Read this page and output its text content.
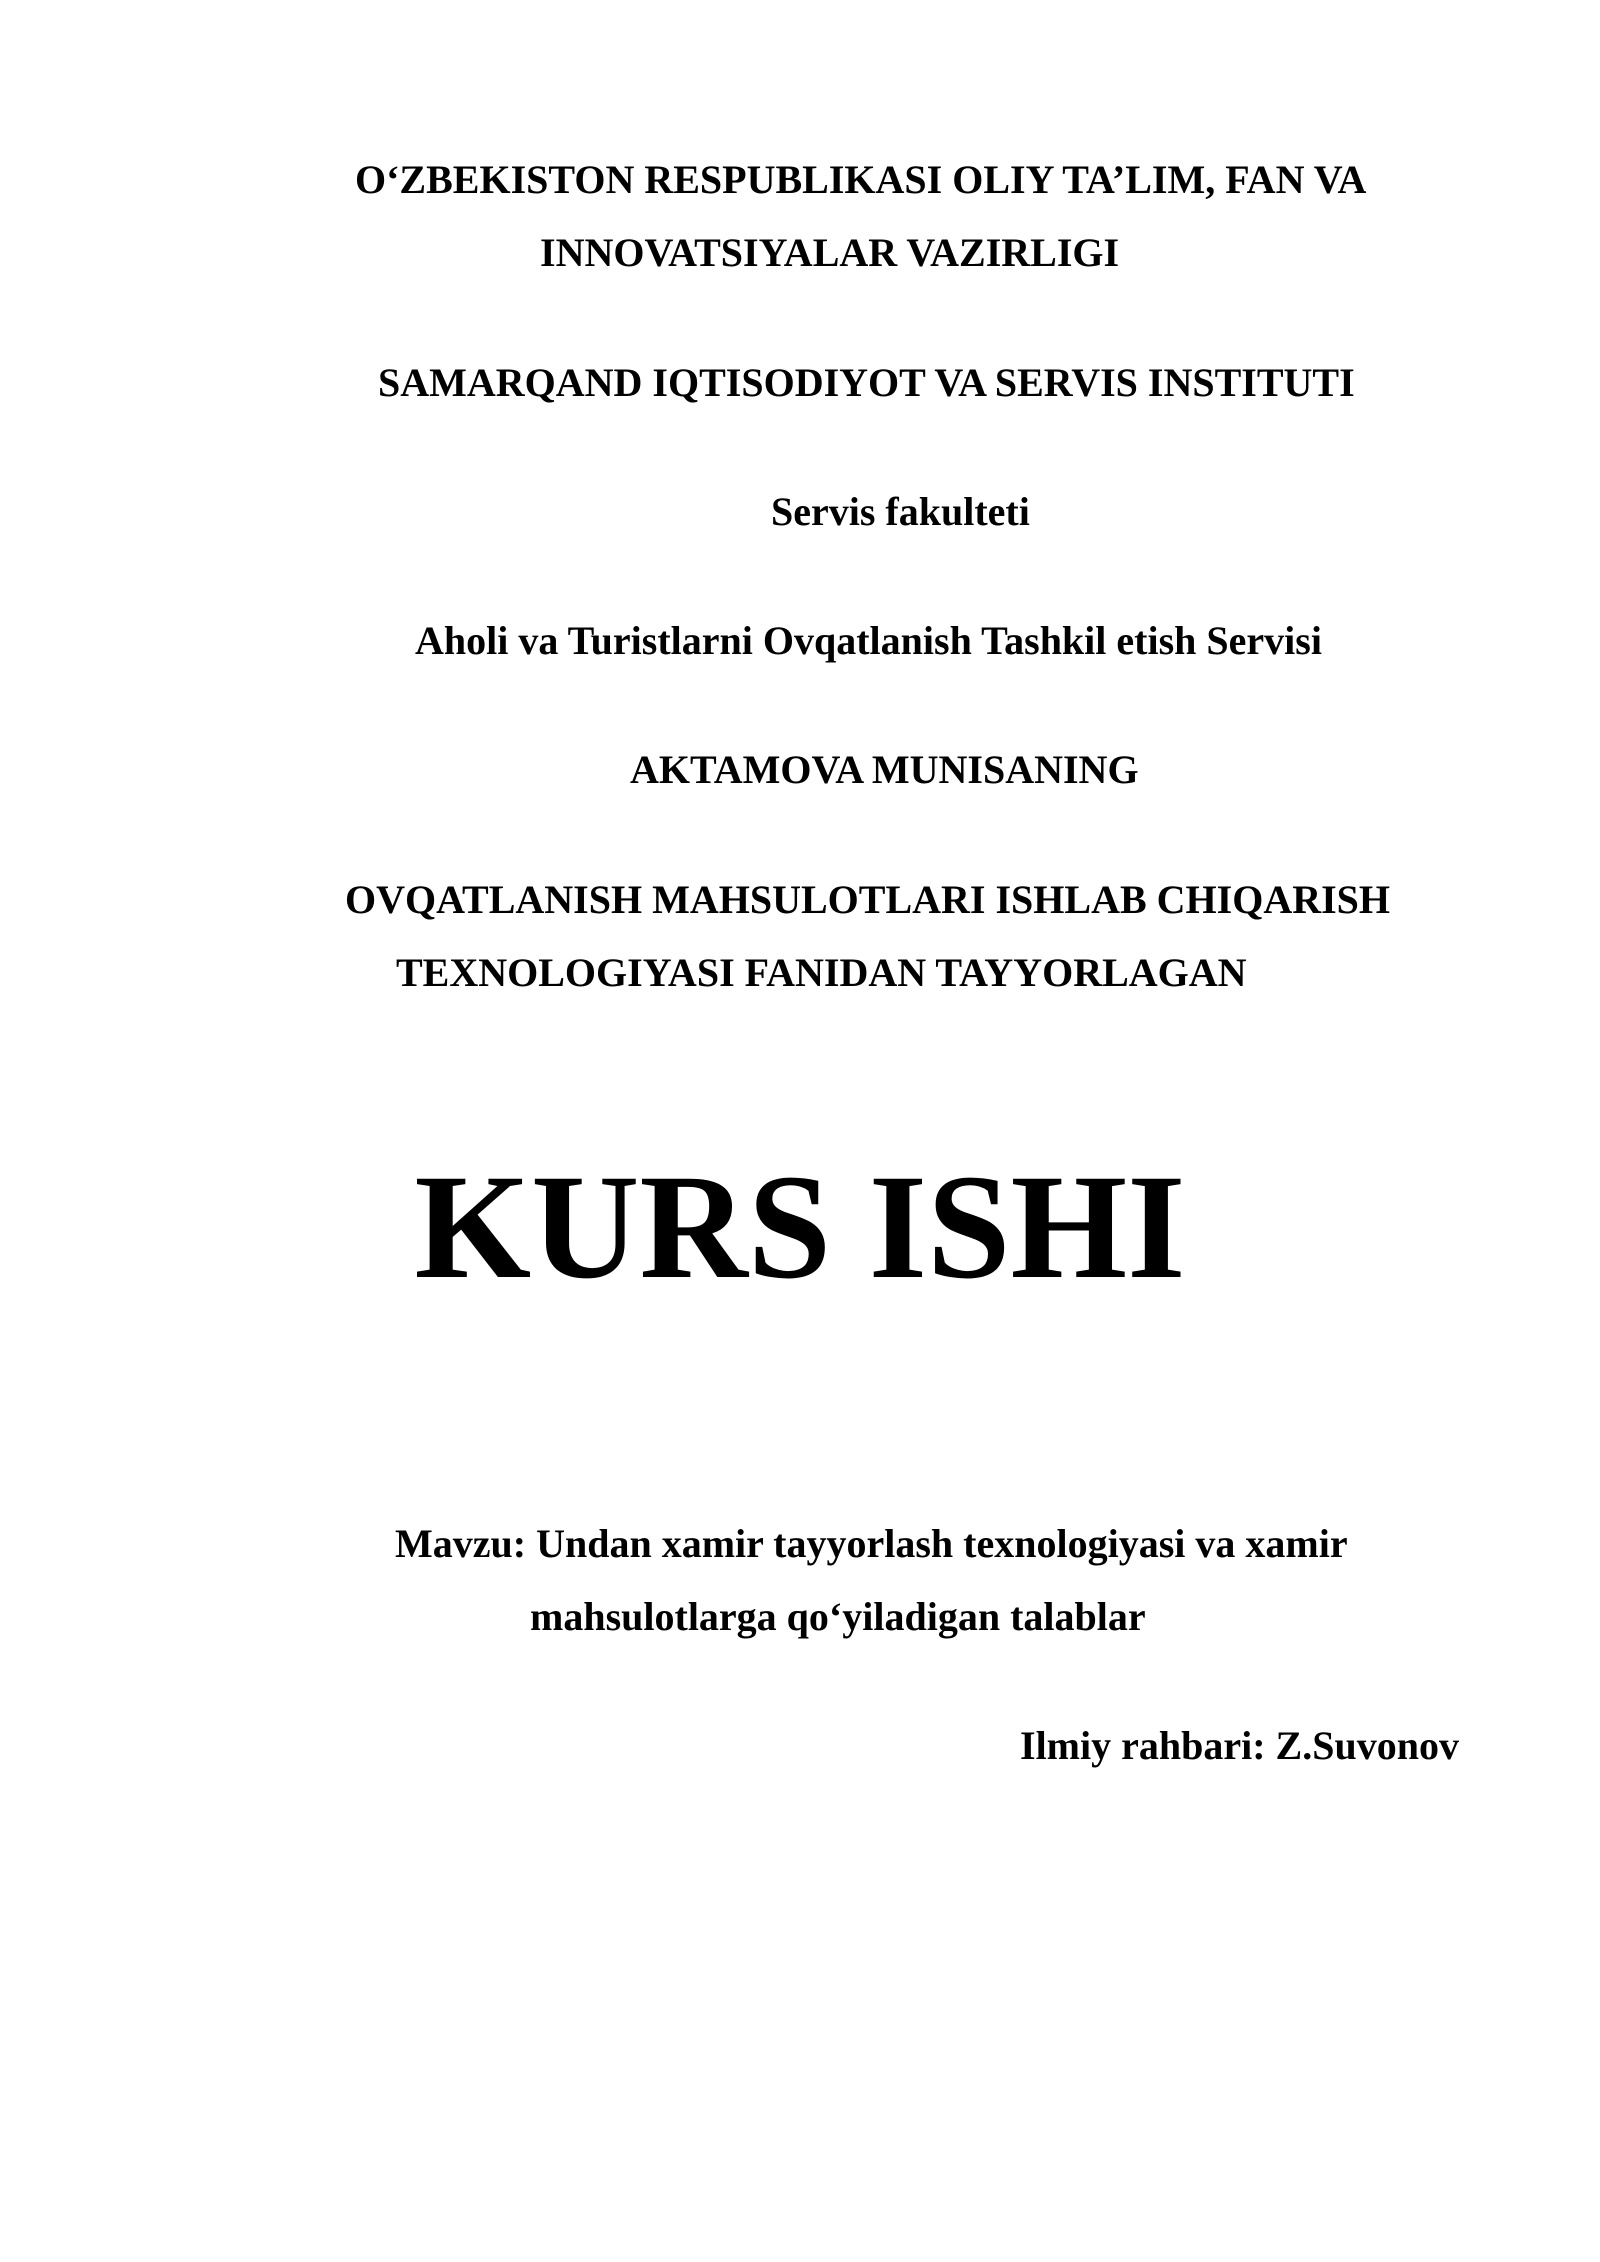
O‘ZBEKISTON RESPUBLIKASI OLIY TA’LIM, FAN VA
INNOVATSIYALAR VAZIRLIGI
SAMARQAND IQTISODIYOT VA SERVIS INSTITUTI
Servis fakulteti
Aholi va Turistlarni Ovqatlanish Tashkil etish Servisi
AKTAMOVA MUNISANING
OVQATLANISH MAHSULOTLARI ISHLAB CHIQARISH
TEXNOLOGIYASI FANIDAN TAYYORLAGAN
KURS ISHI
Mavzu: Undan xamir tayyorlash texnologiyasi va xamir
mahsulotlarga qo‘yiladigan talablar
Ilmiy rahbari: Z.Suvonov
